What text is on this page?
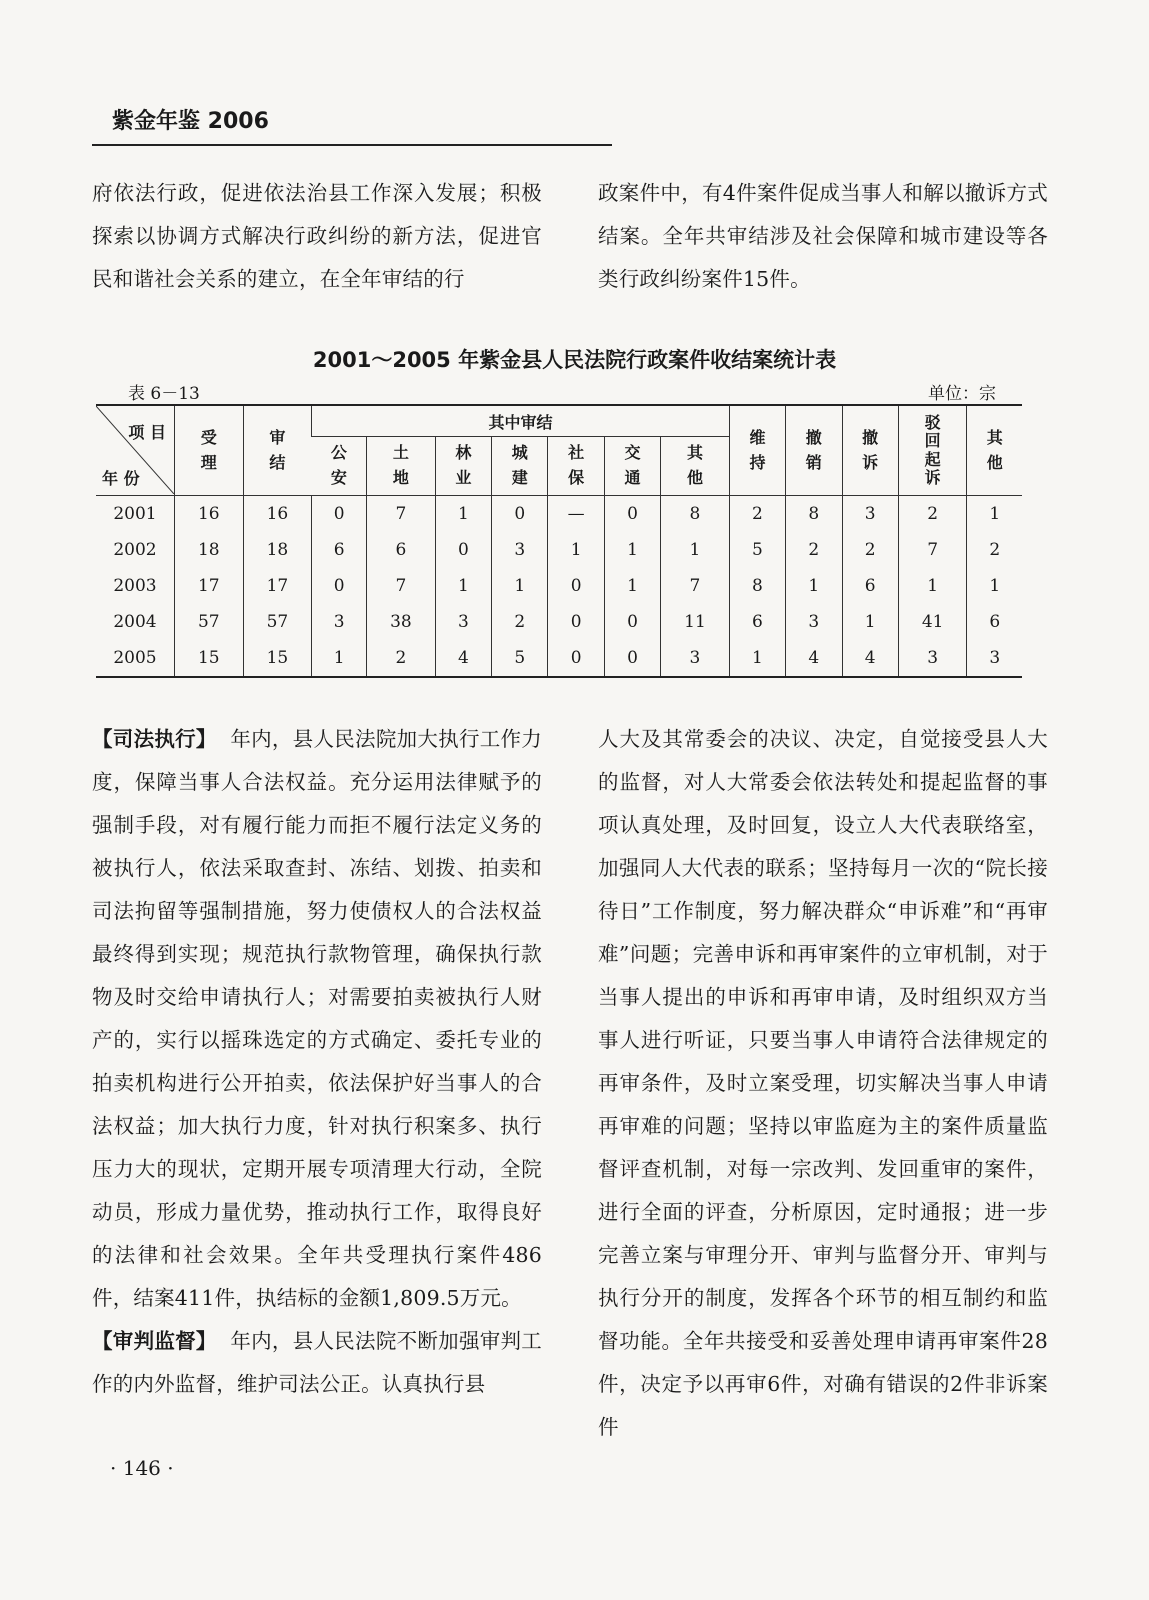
紫金年鉴 2006

府依法行政，促进依法治县工作深入发展；积极探索以协调方式解决行政纠纷的新方法，促进官民和谐社会关系的建立，在全年审结的行

政案件中，有4件案件促成当事人和解以撤诉方式结案。全年共审结涉及社会保障和城市建设等各类行政纠纷案件15件。

2001～2005 年紫金县人民法院行政案件收结案统计表
表 6－13	单位：宗
项 目
年 份	受理	审结	其中审结							维持	撤销	撤诉	驳回起诉	其他
			公安	土地	林业	城建	社保	交通	其他					
2001	16	16	0	7	1	0	—	0	8	2	8	3	2	1
2002	18	18	6	6	0	3	1	1	1	5	2	2	7	2
2003	17	17	0	7	1	1	0	1	7	8	1	6	1	1
2004	57	57	3	38	3	2	0	0	11	6	3	1	41	6
2005	15	15	1	2	4	5	0	0	3	1	4	4	3	3

【司法执行】 年内，县人民法院加大执行工作力度，保障当事人合法权益。充分运用法律赋予的强制手段，对有履行能力而拒不履行法定义务的被执行人，依法采取查封、冻结、划拨、拍卖和司法拘留等强制措施，努力使债权人的合法权益最终得到实现；规范执行款物管理，确保执行款物及时交给申请执行人；对需要拍卖被执行人财产的，实行以摇珠选定的方式确定、委托专业的拍卖机构进行公开拍卖，依法保护好当事人的合法权益；加大执行力度，针对执行积案多、执行压力大的现状，定期开展专项清理大行动，全院动员，形成力量优势，推动执行工作，取得良好的法律和社会效果。全年共受理执行案件486件，结案411件，执结标的金额1,809.5万元。

【审判监督】 年内，县人民法院不断加强审判工作的内外监督，维护司法公正。认真执行县

人大及其常委会的决议、决定，自觉接受县人大的监督，对人大常委会依法转处和提起监督的事项认真处理，及时回复，设立人大代表联络室，加强同人大代表的联系；坚持每月一次的“院长接待日”工作制度，努力解决群众“申诉难”和“再审难”问题；完善申诉和再审案件的立审机制，对于当事人提出的申诉和再审申请，及时组织双方当事人进行听证，只要当事人申请符合法律规定的再审条件，及时立案受理，切实解决当事人申请再审难的问题；坚持以审监庭为主的案件质量监督评查机制，对每一宗改判、发回重审的案件，进行全面的评查，分析原因，定时通报；进一步完善立案与审理分开、审判与监督分开、审判与执行分开的制度，发挥各个环节的相互制约和监督功能。全年共接受和妥善处理申请再审案件28件，决定予以再审6件，对确有错误的2件非诉案件

· 146 ·
